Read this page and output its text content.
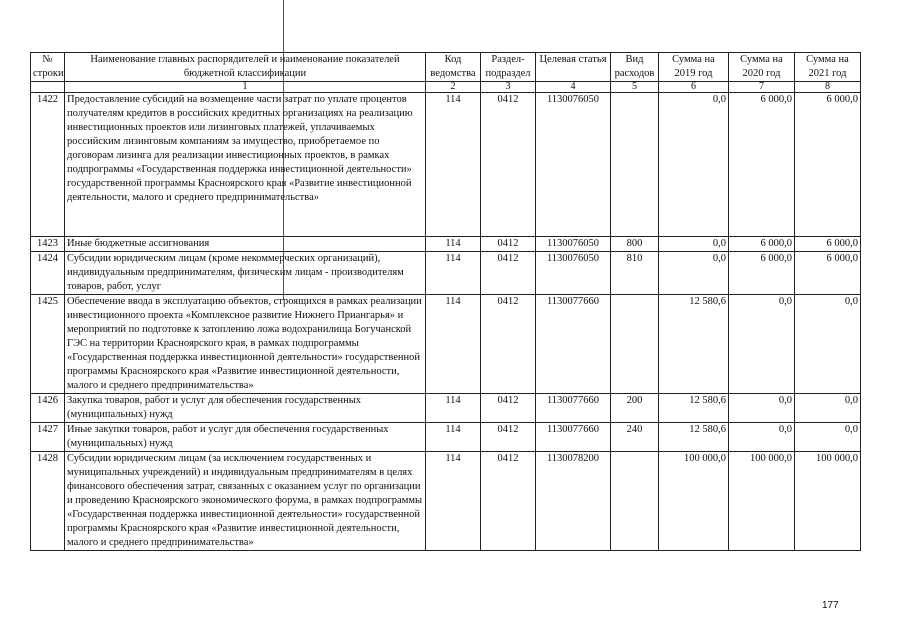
№ строки	Наименование главных распорядителей и наименование показателей бюджетной классификации	Код ведомства	Раздел-подраздел	Целевая статья	Вид расходов	Сумма на 2019 год	Сумма на 2020 год	Сумма на 2021 год
	1	2	3	4	5	6	7	8
1422	Предоставление субсидий на возмещение части затрат по уплате процентов получателям кредитов в российских кредитных организациях на реализацию инвестиционных проектов или лизинговых платежей, уплачиваемых российским лизинговым компаниям за имущество, приобретаемое по договорам лизинга для реализации инвестиционных проектов, в рамках подпрограммы «Государственная поддержка инвестиционной деятельности» государственной программы Красноярского края «Развитие инвестиционной деятельности, малого и среднего предпринимательства»	114	0412	1130076050		0,0	6 000,0	6 000,0
1423	Иные бюджетные ассигнования	114	0412	1130076050	800	0,0	6 000,0	6 000,0
1424	Субсидии юридическим лицам (кроме некоммерческих организаций), индивидуальным предпринимателям, физическим лицам - производителям товаров, работ, услуг	114	0412	1130076050	810	0,0	6 000,0	6 000,0
1425	Обеспечение ввода в эксплуатацию объектов, строящихся в рамках реализации инвестиционного проекта «Комплексное развитие Нижнего Приангарья» и мероприятий по подготовке к затоплению ложа водохранилища Богучанской ГЭС на территории Красноярского края, в рамках подпрограммы «Государственная поддержка инвестиционной деятельности» государственной программы Красноярского края «Развитие инвестиционной деятельности, малого и среднего предпринимательства»	114	0412	1130077660		12 580,6	0,0	0,0
1426	Закупка товаров, работ и услуг для обеспечения государственных (муниципальных) нужд	114	0412	1130077660	200	12 580,6	0,0	0,0
1427	Иные закупки товаров, работ и услуг для обеспечения государственных (муниципальных) нужд	114	0412	1130077660	240	12 580,6	0,0	0,0
1428	Субсидии юридическим лицам (за исключением государственных и муниципальных учреждений) и индивидуальным предпринимателям в целях финансового обеспечения затрат, связанных с оказанием услуг по организации и проведению Красноярского экономического форума, в рамках подпрограммы «Государственная поддержка инвестиционной деятельности» государственной программы Красноярского края «Развитие инвестиционной деятельности, малого и среднего предпринимательства»	114	0412	1130078200		100 000,0	100 000,0	100 000,0
177
